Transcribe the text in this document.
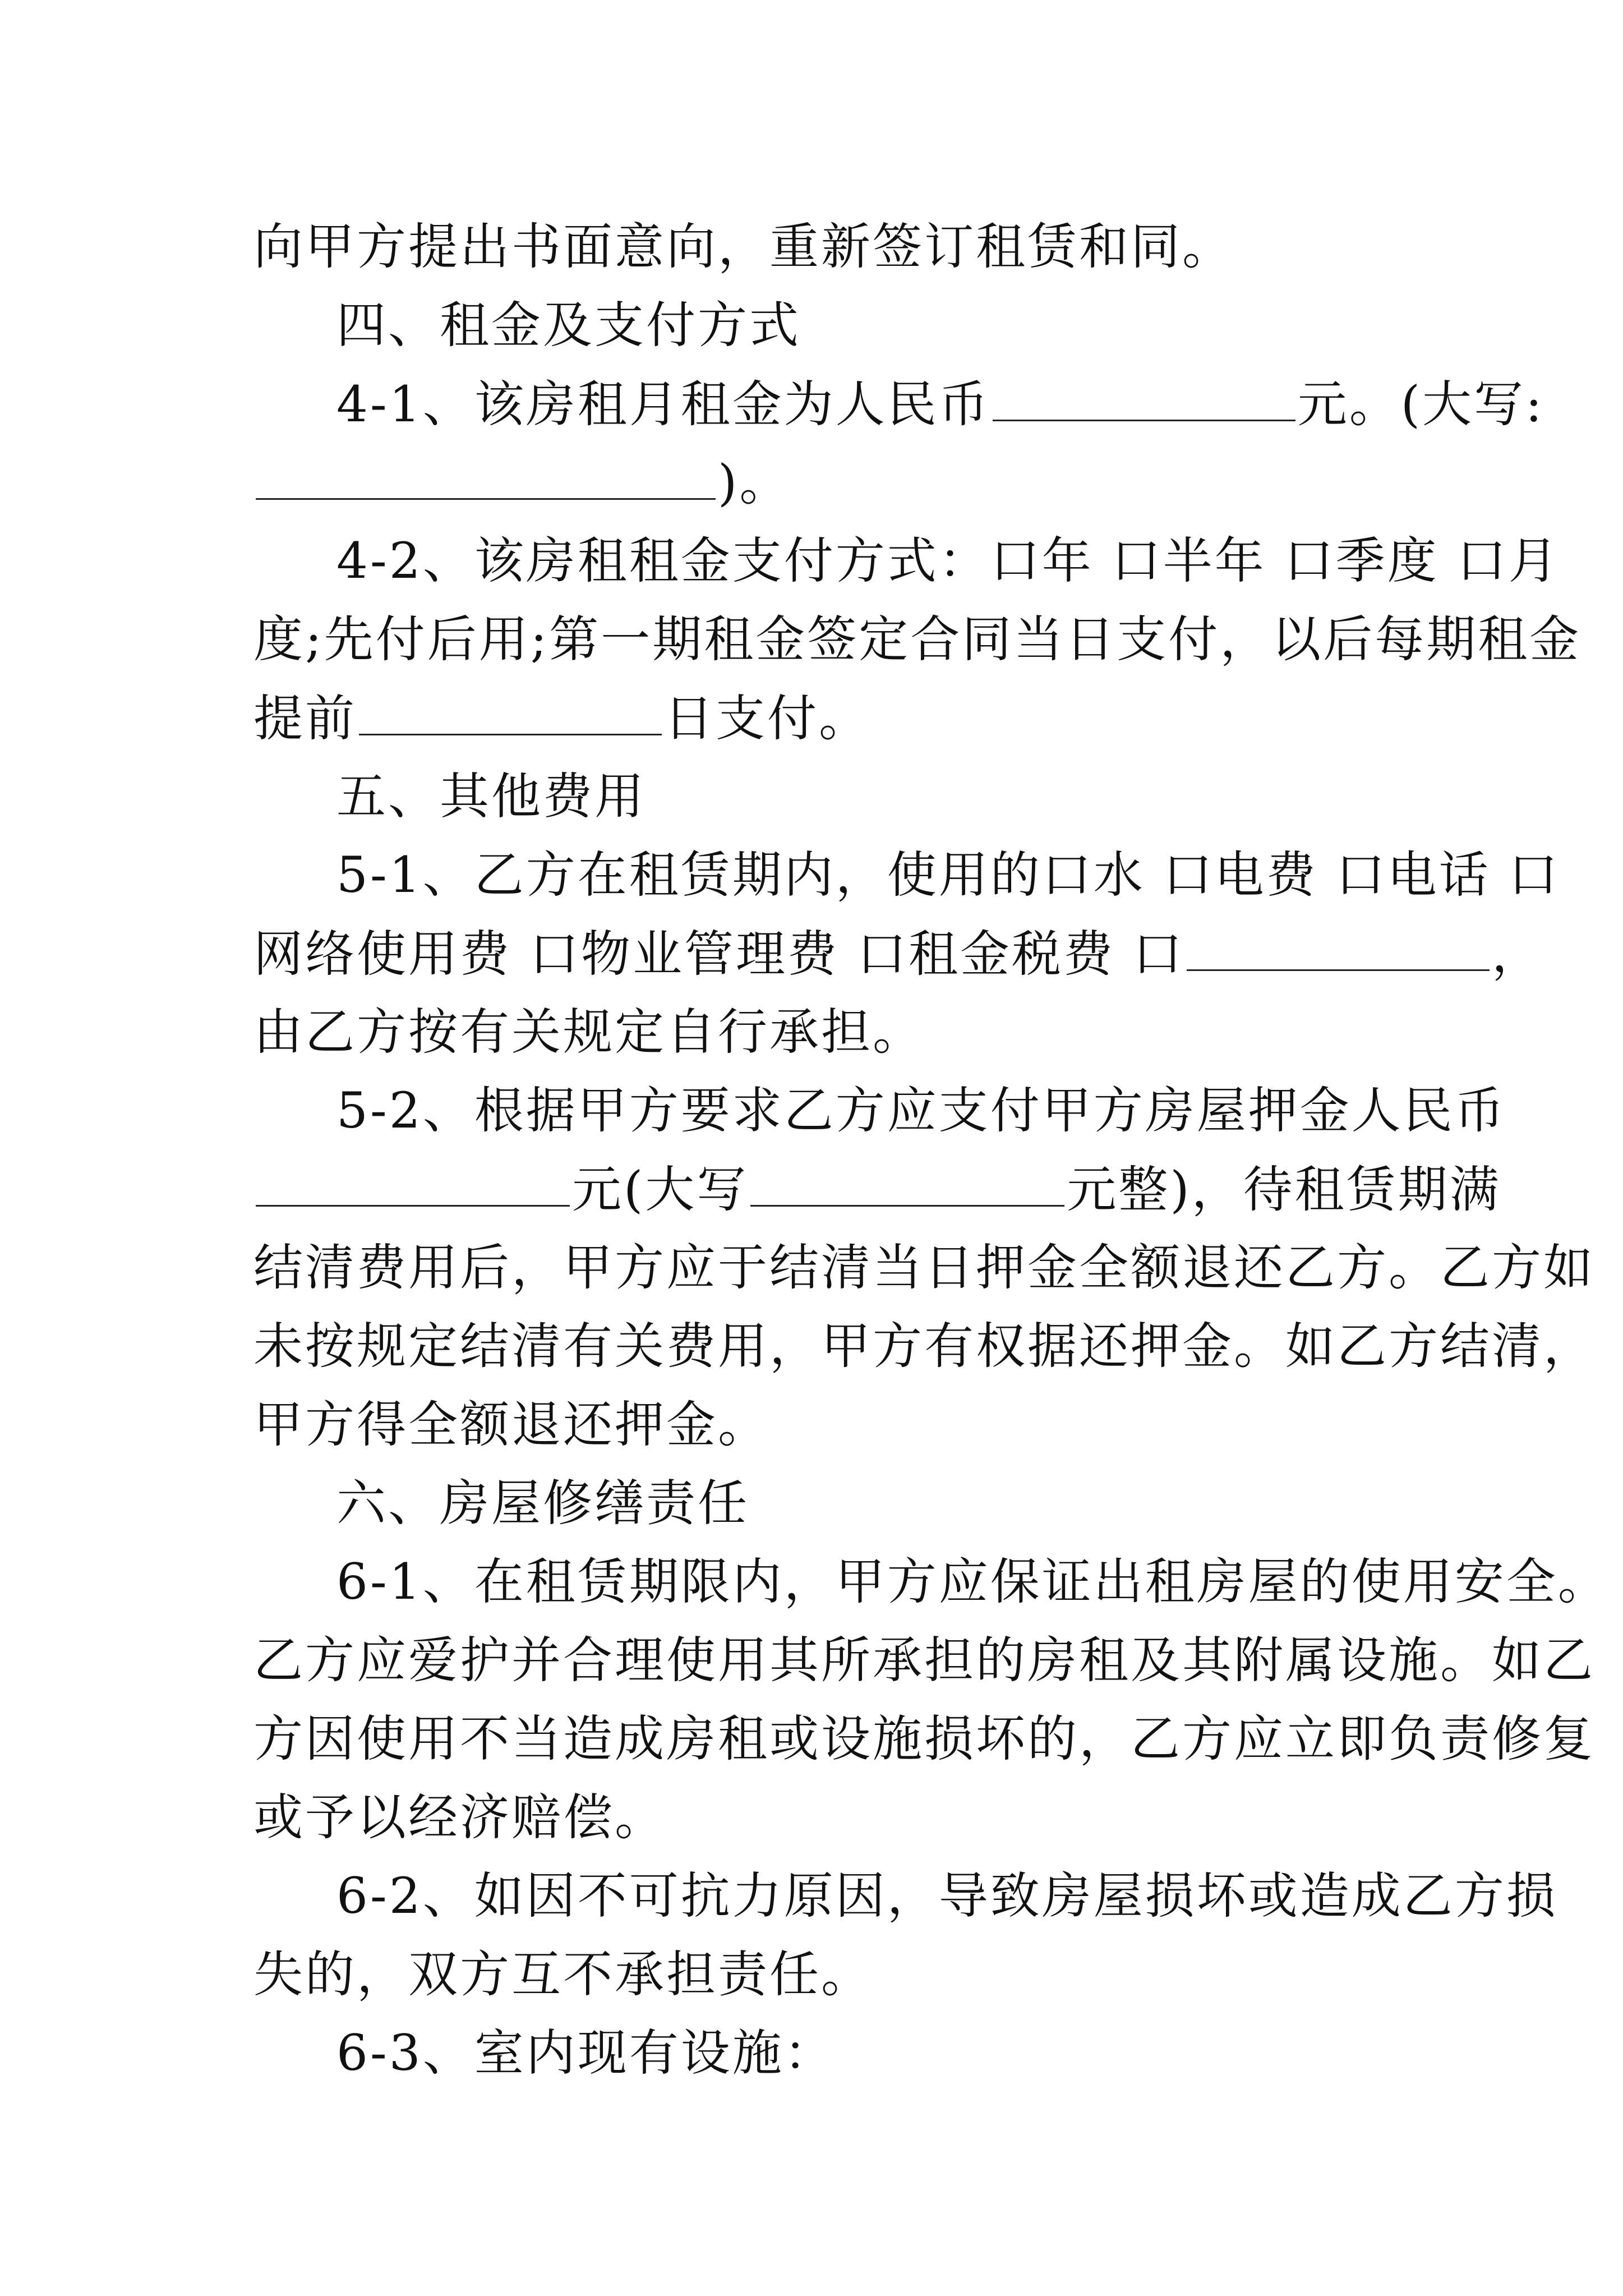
向甲方提出书面意向，重新签订租赁和同。
四、租金及支付方式
4-1、该房租月租金为人民币	元。(大写:
)。
4-2、该房租租金支付方式：口年 口半年 口季度 口月
度;先付后用;第一期租金签定合同当日支付，以后每期租金
提前	日支付。
五、其他费用
5-1、乙方在租赁期内，使用的口水 口电费 口电话 口
网络使用费 口物业管理费 口租金税费 口	，
由乙方按有关规定自行承担。
5-2、根据甲方要求乙方应支付甲方房屋押金人民币
元(大写	元整)，待租赁期满
结清费用后，甲方应于结清当日押金全额退还乙方。乙方如
未按规定结清有关费用，甲方有权据还押金。如乙方结清，
甲方得全额退还押金。
六、房屋修缮责任
6-1、在租赁期限内，甲方应保证出租房屋的使用安全。
乙方应爱护并合理使用其所承担的房租及其附属设施。如乙
方因使用不当造成房租或设施损坏的，乙方应立即负责修复
或予以经济赔偿。
6-2、如因不可抗力原因，导致房屋损坏或造成乙方损
失的，双方互不承担责任。
6-3、室内现有设施：
